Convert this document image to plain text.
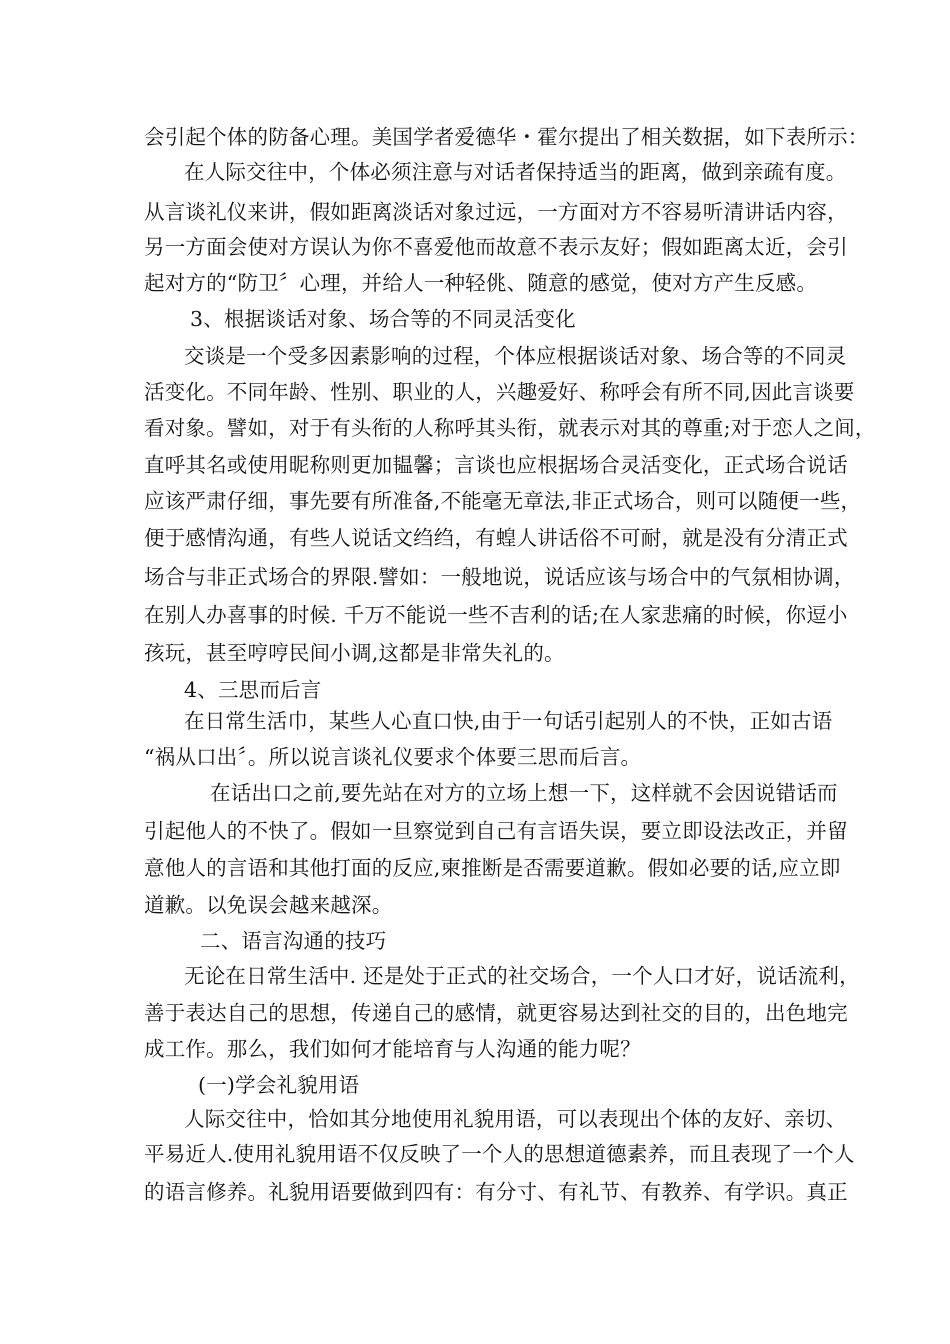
会引起个体的防备心理。美国学者爱德华・霍尔提出了相关数据，如下表所示：
在人际交往中，个体必须注意与对话者保持适当的距离，做到亲疏有度。
从言谈礼仪来讲，假如距离淡话对象过远，一方面对方不容易听清讲话内容，
另一方面会使对方误认为你不喜爱他而故意不表示友好；假如距离太近，会引
起对方的“防卫〞心理，并给人一种轻佻、随意的感觉，使对方产生反感。
3、根据谈话对象、场合等的不同灵活变化
交谈是一个受多因素影响的过程，个体应根据谈话对象、场合等的不同灵
活变化。不同年龄、性别、职业的人，兴趣爱好、称呼会有所不同,因此言谈要
看对象。譬如，对于有头衔的人称呼其头衔，就表示对其的尊重;对于恋人之间，
直呼其名或使用昵称则更加韫馨；言谈也应根据场合灵活变化，正式场合说话
应该严肃仔细，事先要有所准备,不能毫无章法,非正式场合，则可以随便一些，
便于感情沟通，有些人说话文绉绉，有蝗人讲话俗不可耐，就是没有分清正式
场合与非正式场合的界限.譬如：一般地说，说话应该与场合中的气氛相协调，
在别人办喜事的时候. 千万不能说一些不吉利的话;在人家悲痛的时候，你逗小
孩玩，甚至哼哼民间小调,这都是非常失礼的。
4、三思而后言
在日常生活巾，某些人心直口快,由于一句话引起别人的不快，正如古语
“祸从口出〞。所以说言谈礼仪要求个体要三思而后言。
在话出口之前,要先站在对方的立场上想一下，这样就不会因说错话而
引起他人的不快了。假如一旦察觉到自己有言语失误，要立即设法改正，并留
意他人的言语和其他打面的反应,柬推断是否需要道歉。假如必要的话,应立即
道歉。以免误会越来越深。
二、语言沟通的技巧
无论在日常生活中. 还是处于正式的社交场合，一个人口才好，说话流利，
善于表达自己的思想，传递自己的感情，就更容易达到社交的目的，出色地完
成工作。那么，我们如何才能培育与人沟通的能力呢？
(一)学会礼貌用语
人际交往中，恰如其分地使用礼貌用语，可以表现出个体的友好、亲切、
平易近人.使用礼貌用语不仅反映了一个人的思想道德素养，而且表现了一个人
的语言修养。礼貌用语要做到四有：有分寸、有礼节、有教养、有学识。真正
